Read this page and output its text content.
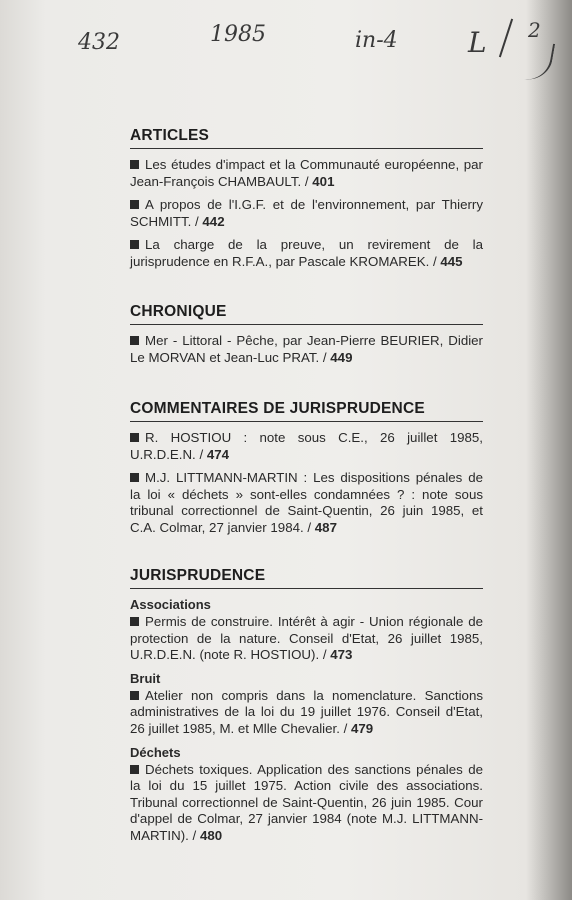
432	1985	in-4	L 2
ARTICLES
Les études d'impact et la Communauté européenne, par Jean-François CHAMBAULT. / 401
A propos de l'I.G.F. et de l'environnement, par Thierry SCHMITT. / 442
La charge de la preuve, un revirement de la jurisprudence en R.F.A., par Pascale KROMAREK. / 445
CHRONIQUE
Mer - Littoral - Pêche, par Jean-Pierre BEURIER, Didier Le MORVAN et Jean-Luc PRAT. / 449
COMMENTAIRES DE JURISPRUDENCE
R. HOSTIOU : note sous C.E., 26 juillet 1985, U.R.D.E.N. / 474
M.J. LITTMANN-MARTIN : Les dispositions pénales de la loi « déchets » sont-elles condamnées ? : note sous tribunal correctionnel de Saint-Quentin, 26 juin 1985, et C.A. Colmar, 27 janvier 1984. / 487
JURISPRUDENCE
Associations
Permis de construire. Intérêt à agir - Union régionale de protection de la nature. Conseil d'Etat, 26 juillet 1985, U.R.D.E.N. (note R. HOSTIOU). / 473
Bruit
Atelier non compris dans la nomenclature. Sanctions administratives de la loi du 19 juillet 1976. Conseil d'Etat, 26 juillet 1985, M. et Mlle Chevalier. / 479
Déchets
Déchets toxiques. Application des sanctions pénales de la loi du 15 juillet 1975. Action civile des associations. Tribunal correctionnel de Saint-Quentin, 26 juin 1985. Cour d'appel de Colmar, 27 janvier 1984 (note M.J. LITTMANN-MARTIN). / 480
